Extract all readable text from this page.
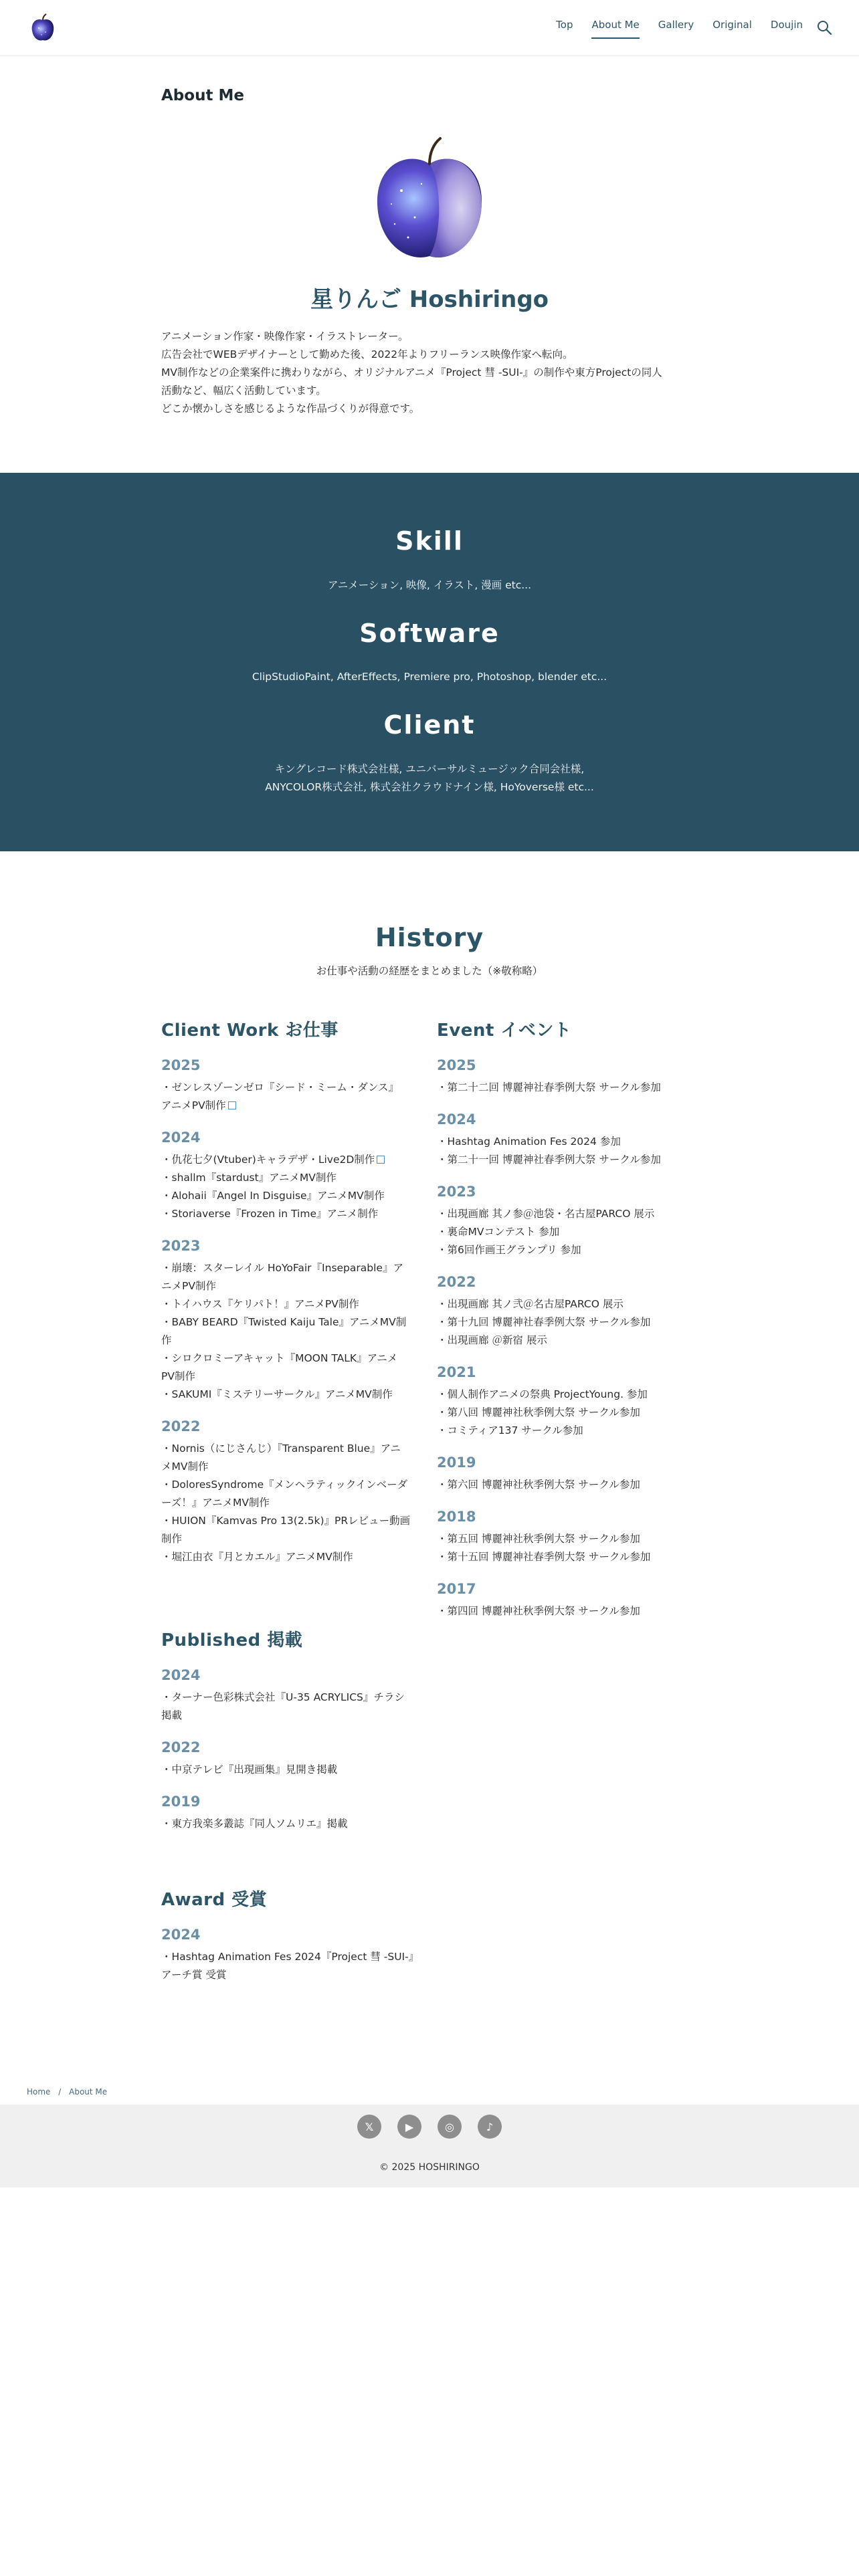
Top About Me Gallery Original Doujin
About Me
星りんご Hoshiringo
アニメーション作家・映像作家・イラストレーター。
広告会社でWEBデザイナーとして勤めた後、2022年よりフリーランス映像作家へ転向。
MV制作などの企業案件に携わりながら、オリジナルアニメ『Project 彗 -SUI-』の制作や東方Projectの同人
活動など、幅広く活動しています。
どこか懐かしさを感じるような作品づくりが得意です。
Skill

アニメーション, 映像, イラスト, 漫画 etc...

Software

ClipStudioPaint, AfterEffects, Premiere pro, Photoshop, blender etc...

Client

キングレコード株式会社様, ユニバーサルミュージック合同会社様,

ANYCOLOR株式会社, 株式会社クラウドナイン様, HoYoverse様 etc...

History

お仕事や活動の経歴をまとめました（※敬称略）

Client Work お仕事
2025
・ゼンレスゾーンゼロ『シード・ミーム・ダンス』
アニメPV制作
2024
・仇花七夕(Vtuber)キャラデザ・Live2D制作
・shallm『stardust』アニメMV制作
・Alohaii『Angel In Disguise』アニメMV制作
・Storiaverse『Frozen in Time』アニメ制作
2023
・崩壊：スターレイル HoYoFair『Inseparable』ア
ニメPV制作
・トイハウス『ケリパト！』アニメPV制作
・BABY BEARD『Twisted Kaiju Tale』アニメMV制
作
・シロクロミーアキャット『MOON TALK』アニメ
PV制作
・SAKUMI『ミステリーサークル』アニメMV制作
2022
・Nornis（にじさんじ）『Transparent Blue』アニ
メMV制作
・DoloresSyndrome『メンヘラティックインベーダ
ーズ！』アニメMV制作
・HUION『Kamvas Pro 13(2.5k)』PRレビュー動画
制作
・堀江由衣『月とカエル』アニメMV制作
Event イベント
2025
・第二十二回 博麗神社春季例大祭 サークル参加
2024
・Hashtag Animation Fes 2024 参加
・第二十一回 博麗神社春季例大祭 サークル参加
2023
・出現画廊 其ノ参＠池袋・名古屋PARCO 展示
・裏命MVコンテスト 参加
・第6回作画王グランプリ 参加
2022
・出現画廊 其ノ弐＠名古屋PARCO 展示
・第十九回 博麗神社春季例大祭 サークル参加
・出現画廊 ＠新宿 展示
2021
・個人制作アニメの祭典 ProjectYoung. 参加
・第八回 博麗神社秋季例大祭 サークル参加
・コミティア137 サークル参加
2019
・第六回 博麗神社秋季例大祭 サークル参加
2018
・第五回 博麗神社秋季例大祭 サークル参加
・第十五回 博麗神社春季例大祭 サークル参加
2017
・第四回 博麗神社秋季例大祭 サークル参加
Published 掲載
2024
・ターナー色彩株式会社『U-35 ACRYLICS』チラシ
掲載
2022
・中京テレビ『出現画集』見開き掲載
2019
・東方我楽多叢誌『同人ソムリエ』掲載
Award 受賞
2024
・Hashtag Animation Fes 2024『Project 彗 -SUI-』
アーチ賞 受賞
Home / About Me
𝕏	▶	◎	♪
© 2025 HOSHIRINGO
